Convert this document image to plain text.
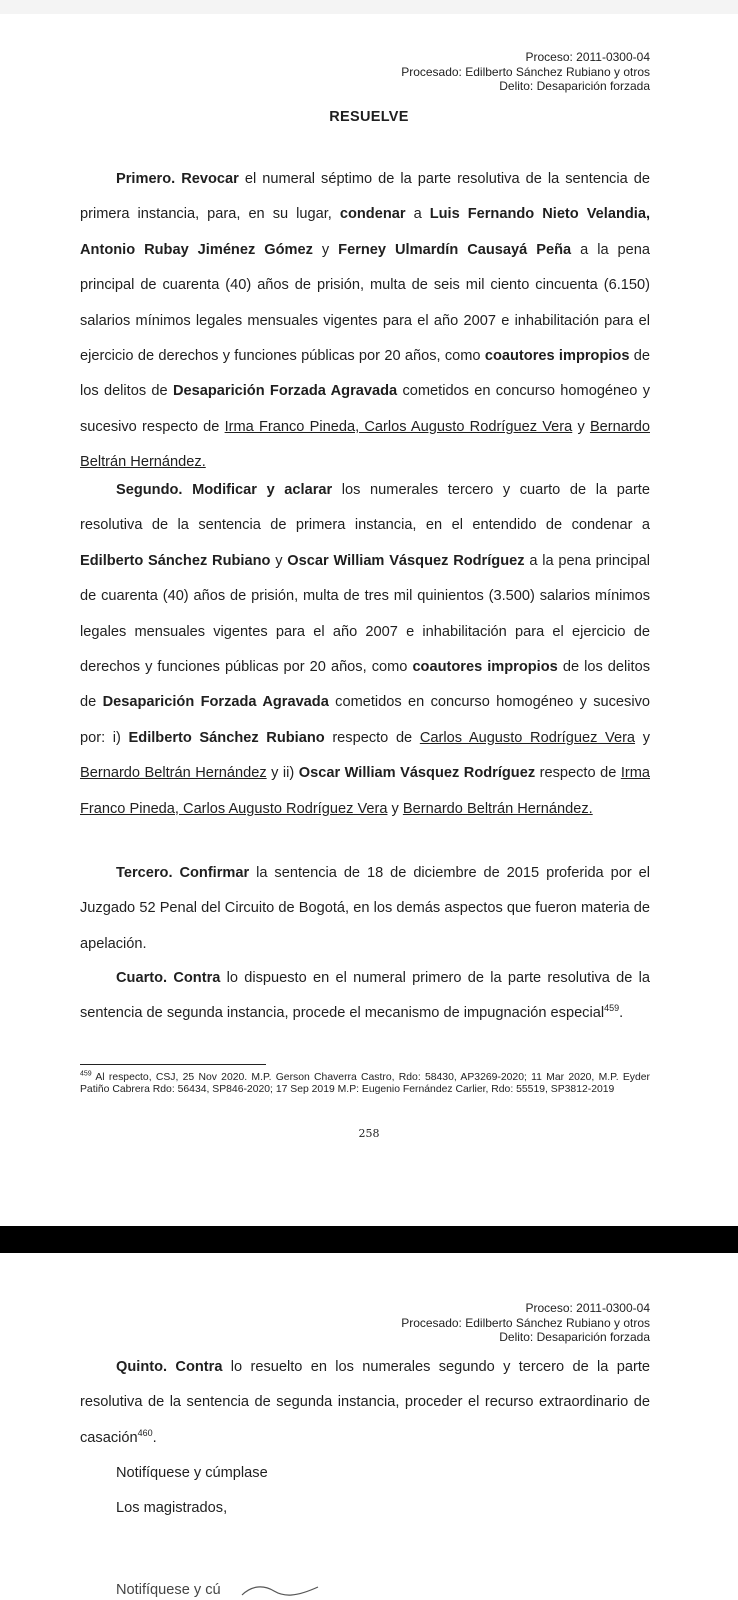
Proceso: 2011-0300-04
Procesado: Edilberto Sánchez Rubiano y otros
Delito: Desaparición forzada
RESUELVE

Primero. Revocar el numeral séptimo de la parte resolutiva de la sentencia de primera instancia, para, en su lugar, condenar a Luis Fernando Nieto Velandia, Antonio Rubay Jiménez Gómez y Ferney Ulmardín Causayá Peña a la pena principal de cuarenta (40) años de prisión, multa de seis mil ciento cincuenta (6.150) salarios mínimos legales mensuales vigentes para el año 2007 e inhabilitación para el ejercicio de derechos y funciones públicas por 20 años, como coautores impropios de los delitos de Desaparición Forzada Agravada cometidos en concurso homogéneo y sucesivo respecto de Irma Franco Pineda, Carlos Augusto Rodríguez Vera y Bernardo Beltrán Hernández.

Segundo. Modificar y aclarar los numerales tercero y cuarto de la parte resolutiva de la sentencia de primera instancia, en el entendido de condenar a Edilberto Sánchez Rubiano y Oscar William Vásquez Rodríguez a la pena principal de cuarenta (40) años de prisión, multa de tres mil quinientos (3.500) salarios mínimos legales mensuales vigentes para el año 2007 e inhabilitación para el ejercicio de derechos y funciones públicas por 20 años, como coautores impropios de los delitos de Desaparición Forzada Agravada cometidos en concurso homogéneo y sucesivo por: i) Edilberto Sánchez Rubiano respecto de Carlos Augusto Rodríguez Vera y Bernardo Beltrán Hernández y ii) Oscar William Vásquez Rodríguez respecto de Irma Franco Pineda, Carlos Augusto Rodríguez Vera y Bernardo Beltrán Hernández.

Tercero. Confirmar la sentencia de 18 de diciembre de 2015 proferida por el Juzgado 52 Penal del Circuito de Bogotá, en los demás aspectos que fueron materia de apelación.

Cuarto. Contra lo dispuesto en el numeral primero de la parte resolutiva de la sentencia de segunda instancia, procede el mecanismo de impugnación especial$^{459}$.

$^{459}$ Al respecto, CSJ, 25 Nov 2020. M.P. Gerson Chaverra Castro, Rdo: 58430, AP3269-2020; 11 Mar 2020, M.P. Eyder Patiño Cabrera Rdo: 56434, SP846-2020; 17 Sep 2019 M.P: Eugenio Fernández Carlier, Rdo: 55519, SP3812-2019

258
Proceso: 2011-0300-04
Procesado: Edilberto Sánchez Rubiano y otros
Delito: Desaparición forzada

Quinto. Contra lo resuelto en los numerales segundo y tercero de la parte resolutiva de la sentencia de segunda instancia, proceder el recurso extraordinario de casación$^{460}$.

Notifíquese y cúmplase
Los magistrados,
Notifíquese y cú
